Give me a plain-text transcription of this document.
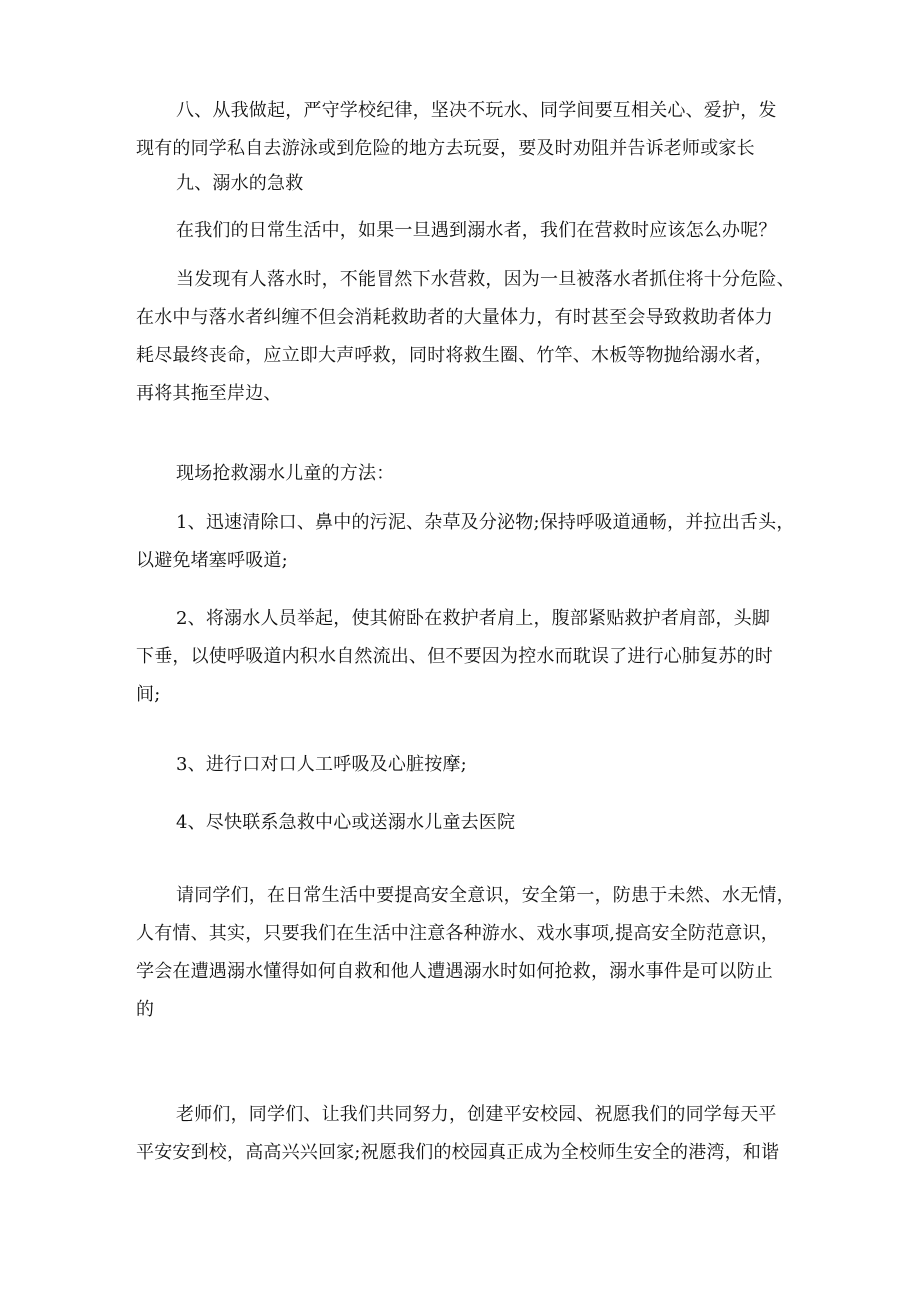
八、从我做起，严守学校纪律，坚决不玩水、同学间要互相关心、爱护，发
现有的同学私自去游泳或到危险的地方去玩耍，要及时劝阻并告诉老师或家长

九、溺水的急救

在我们的日常生活中，如果一旦遇到溺水者，我们在营救时应该怎么办呢？

当发现有人落水时，不能冒然下水营救，因为一旦被落水者抓住将十分危险、
在水中与落水者纠缠不但会消耗救助者的大量体力，有时甚至会导致救助者体力
耗尽最终丧命，应立即大声呼救，同时将救生圈、竹竿、木板等物抛给溺水者，
再将其拖至岸边、

现场抢救溺水儿童的方法：

1、迅速清除口、鼻中的污泥、杂草及分泌物;保持呼吸道通畅，并拉出舌头，
以避免堵塞呼吸道;

2、将溺水人员举起，使其俯卧在救护者肩上，腹部紧贴救护者肩部，头脚
下垂，以使呼吸道内积水自然流出、但不要因为控水而耽误了进行心肺复苏的时
间;

3、进行口对口人工呼吸及心脏按摩;

4、尽快联系急救中心或送溺水儿童去医院

请同学们，在日常生活中要提高安全意识，安全第一，防患于未然、水无情，
人有情、其实，只要我们在生活中注意各种游水、戏水事项,提高安全防范意识，
学会在遭遇溺水懂得如何自救和他人遭遇溺水时如何抢救，溺水事件是可以防止
的

老师们，同学们、让我们共同努力，创建平安校园、祝愿我们的同学每天平
平安安到校，高高兴兴回家;祝愿我们的校园真正成为全校师生安全的港湾，和谐
